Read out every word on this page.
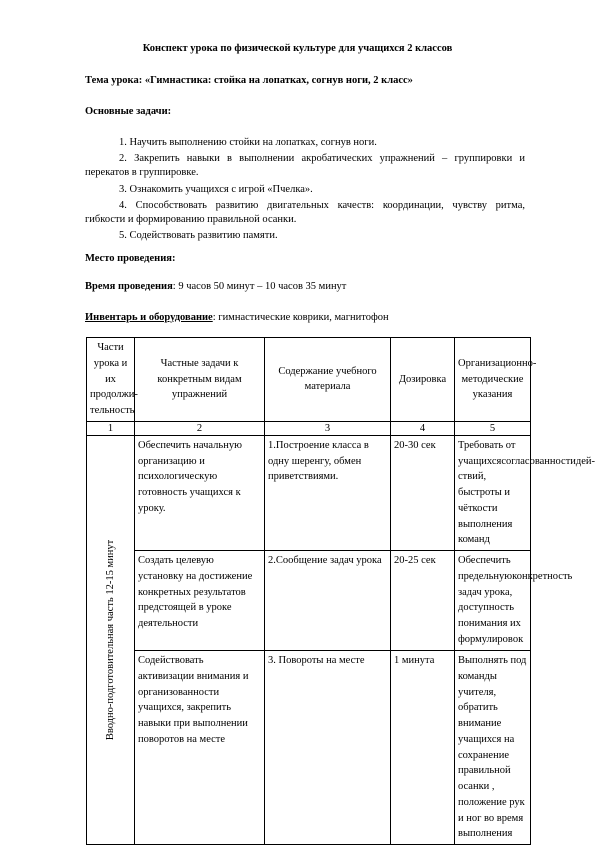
Конспект урока по физической культуре для учащихся 2 классов
Тема урока: «Гимнастика: стойка на лопатках, согнув ноги, 2 класс»
Основные задачи:
1. Научить выполнению стойки на лопатках, согнув ноги.
2. Закрепить навыки в выполнении акробатических упражнений – группировки и перекатов в группировке.
3. Ознакомить учащихся с игрой «Пчелка».
4. Способствовать развитию двигательных качеств: координации, чувству ритма, гибкости и формированию правильной осанки.
5. Содействовать развитию памяти.
Место проведения:
Время проведения: 9 часов 50 минут – 10 часов 35 минут
Инвентарь и оборудование: гимнастические коврики, магнитофон
Части урока и их продолжи- тельность	Частные задачи к конкретным видам упражнений	Содержание учебного материала	Дозировка	Организационно-методические указания
1	2	3	4	5

Вводно-подготовительная часть 12-15 минут	Обеспечить начальную организацию и психологическую готовность учащихся к уроку.	1.Построение класса в одну шеренгу, обмен приветствиями.	20-30 сек	Требовать от учащихсясогласованностидей- ствий, быстроты и чёткости выполнения команд
	Создать целевую установку на достижение конкретных результатов предстоящей в уроке деятельности	2.Сообщение задач урока	20-25 сек	Обеспечить предельнуюконкретность задач урока, доступность понимания их формулировок
	Содействовать активизации внимания и организованности учащихся, закрепить навыки при выполнении поворотов на месте	3. Повороты на месте	1 минута	Выполнять под команды учителя, обратить внимание учащихся на сохранение правильной осанки , положение рук и ног во время выполнения
